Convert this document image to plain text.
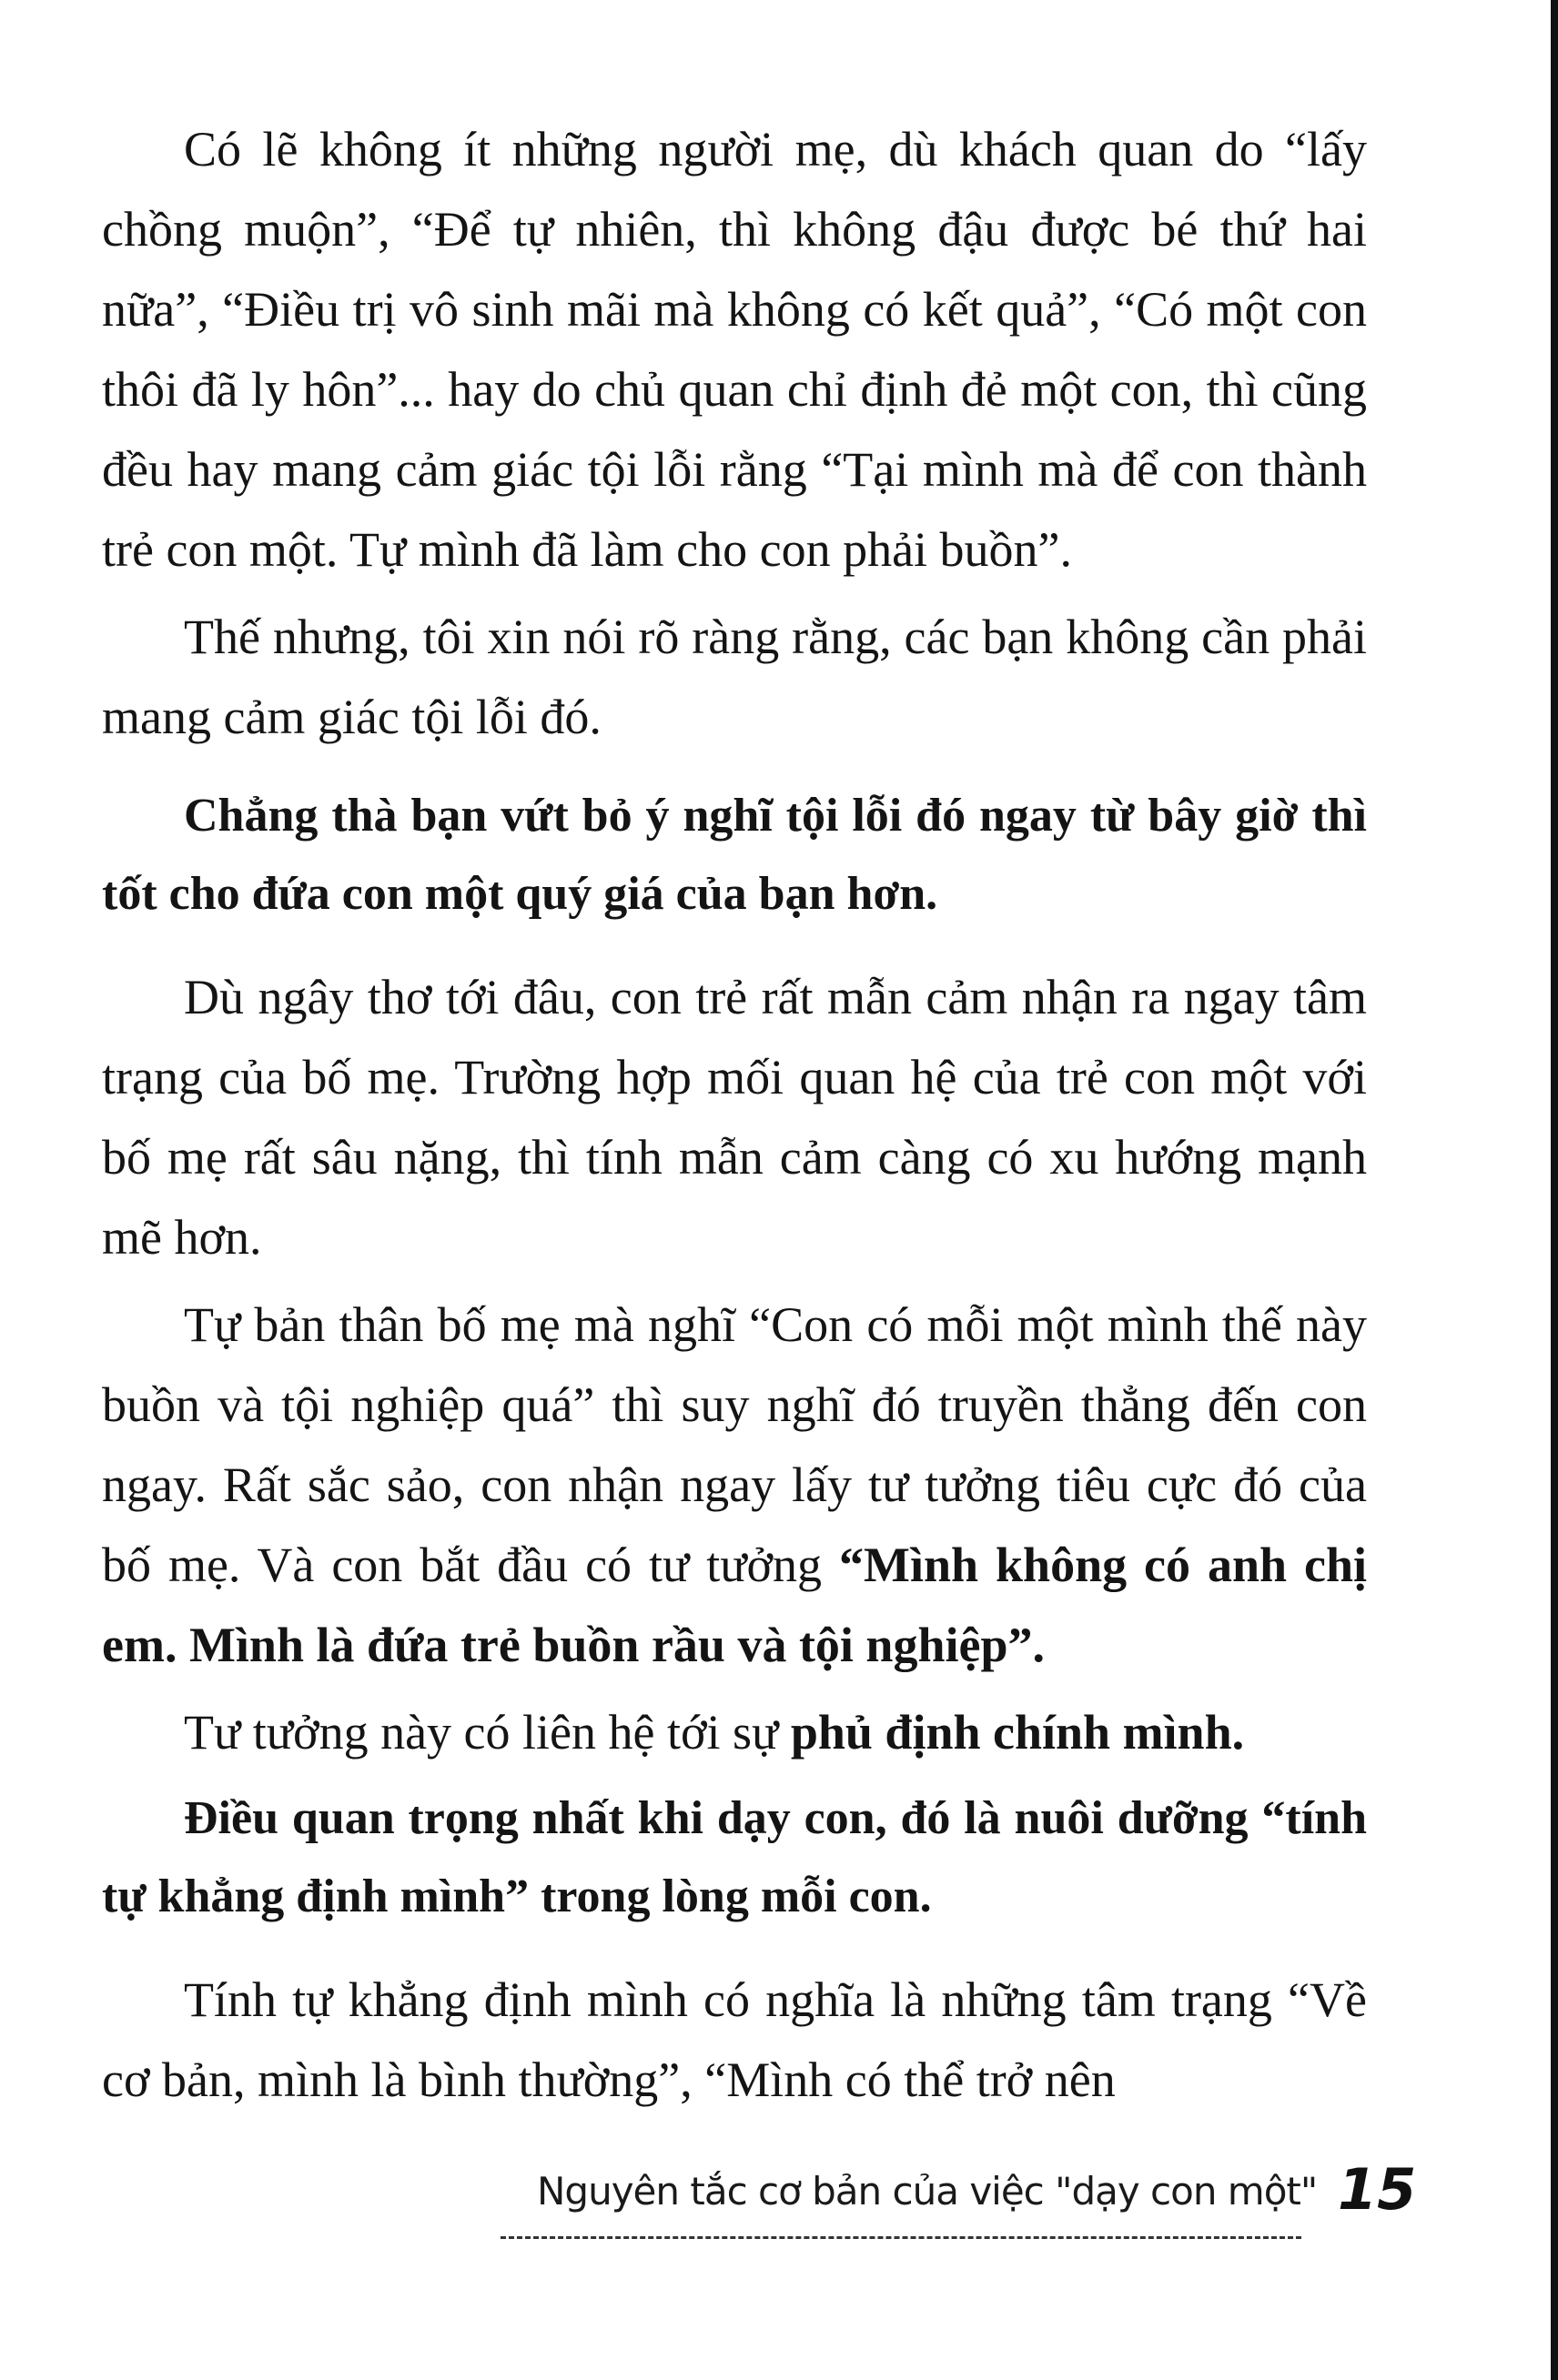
Có lẽ không ít những người mẹ, dù khách quan do “lấy chồng muộn”, “Để tự nhiên, thì không đậu được bé thứ hai nữa”, “Điều trị vô sinh mãi mà không có kết quả”, “Có một con thôi đã ly hôn”... hay do chủ quan chỉ định đẻ một con, thì cũng đều hay mang cảm giác tội lỗi rằng “Tại mình mà để con thành trẻ con một. Tự mình đã làm cho con phải buồn”.

Thế nhưng, tôi xin nói rõ ràng rằng, các bạn không cần phải mang cảm giác tội lỗi đó.

Chẳng thà bạn vứt bỏ ý nghĩ tội lỗi đó ngay từ bây giờ thì tốt cho đứa con một quý giá của bạn hơn.

Dù ngây thơ tới đâu, con trẻ rất mẫn cảm nhận ra ngay tâm trạng của bố mẹ. Trường hợp mối quan hệ của trẻ con một với bố mẹ rất sâu nặng, thì tính mẫn cảm càng có xu hướng mạnh mẽ hơn.

Tự bản thân bố mẹ mà nghĩ “Con có mỗi một mình thế này buồn và tội nghiệp quá” thì suy nghĩ đó truyền thẳng đến con ngay. Rất sắc sảo, con nhận ngay lấy tư tưởng tiêu cực đó của bố mẹ. Và con bắt đầu có tư tưởng “Mình không có anh chị em. Mình là đứa trẻ buồn rầu và tội nghiệp”.

Tư tưởng này có liên hệ tới sự phủ định chính mình.

Điều quan trọng nhất khi dạy con, đó là nuôi dưỡng “tính tự khẳng định mình” trong lòng mỗi con.

Tính tự khẳng định mình có nghĩa là những tâm trạng “Về cơ bản, mình là bình thường”, “Mình có thể trở nên

Nguyên tắc cơ bản của việc "dạy con một" 15
